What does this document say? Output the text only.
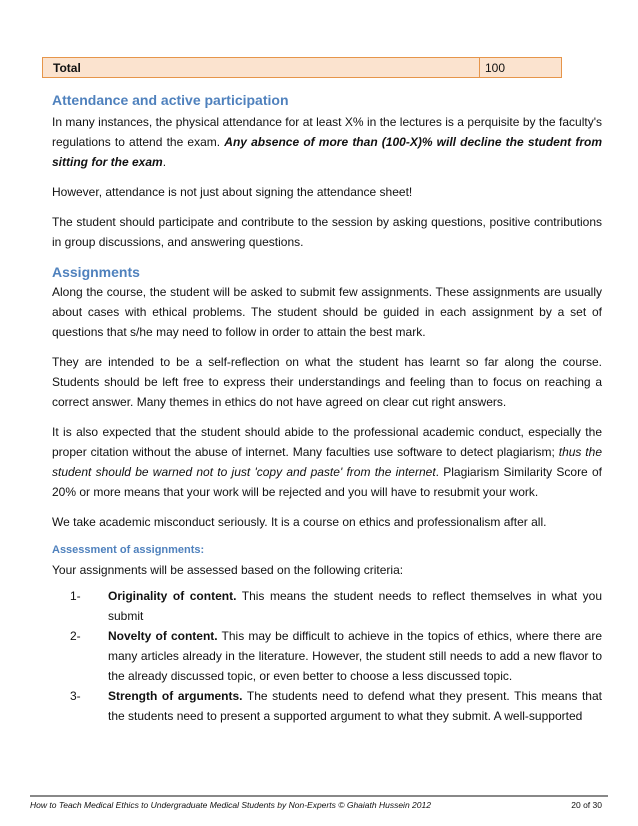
Total	100
Attendance and active participation

In many instances, the physical attendance for at least X% in the lectures is a perquisite by the faculty's regulations to attend the exam. Any absence of more than (100-X)% will decline the student from sitting for the exam.

However, attendance is not just about signing the attendance sheet!

The student should participate and contribute to the session by asking questions, positive contributions in group discussions, and answering questions.

Assignments

Along the course, the student will be asked to submit few assignments. These assignments are usually about cases with ethical problems. The student should be guided in each assignment by a set of questions that s/he may need to follow in order to attain the best mark.

They are intended to be a self-reflection on what the student has learnt so far along the course. Students should be left free to express their understandings and feeling than to focus on reaching a correct answer. Many themes in ethics do not have agreed on clear cut right answers.

It is also expected that the student should abide to the professional academic conduct, especially the proper citation without the abuse of internet. Many faculties use software to detect plagiarism; thus the student should be warned not to just 'copy and paste' from the internet. Plagiarism Similarity Score of 20% or more means that your work will be rejected and you will have to resubmit your work.

We take academic misconduct seriously. It is a course on ethics and professionalism after all.

Assessment of assignments:

Your assignments will be assessed based on the following criteria:

1- Originality of content. This means the student needs to reflect themselves in what you submit
2- Novelty of content. This may be difficult to achieve in the topics of ethics, where there are many articles already in the literature. However, the student still needs to add a new flavor to the already discussed topic, or even better to choose a less discussed topic.
3- Strength of arguments. The students need to defend what they present. This means that the students need to present a supported argument to what they submit. A well-supported
How to Teach Medical Ethics to Undergraduate Medical Students by Non-Experts © Ghaiath Hussein 2012	20 of 30
